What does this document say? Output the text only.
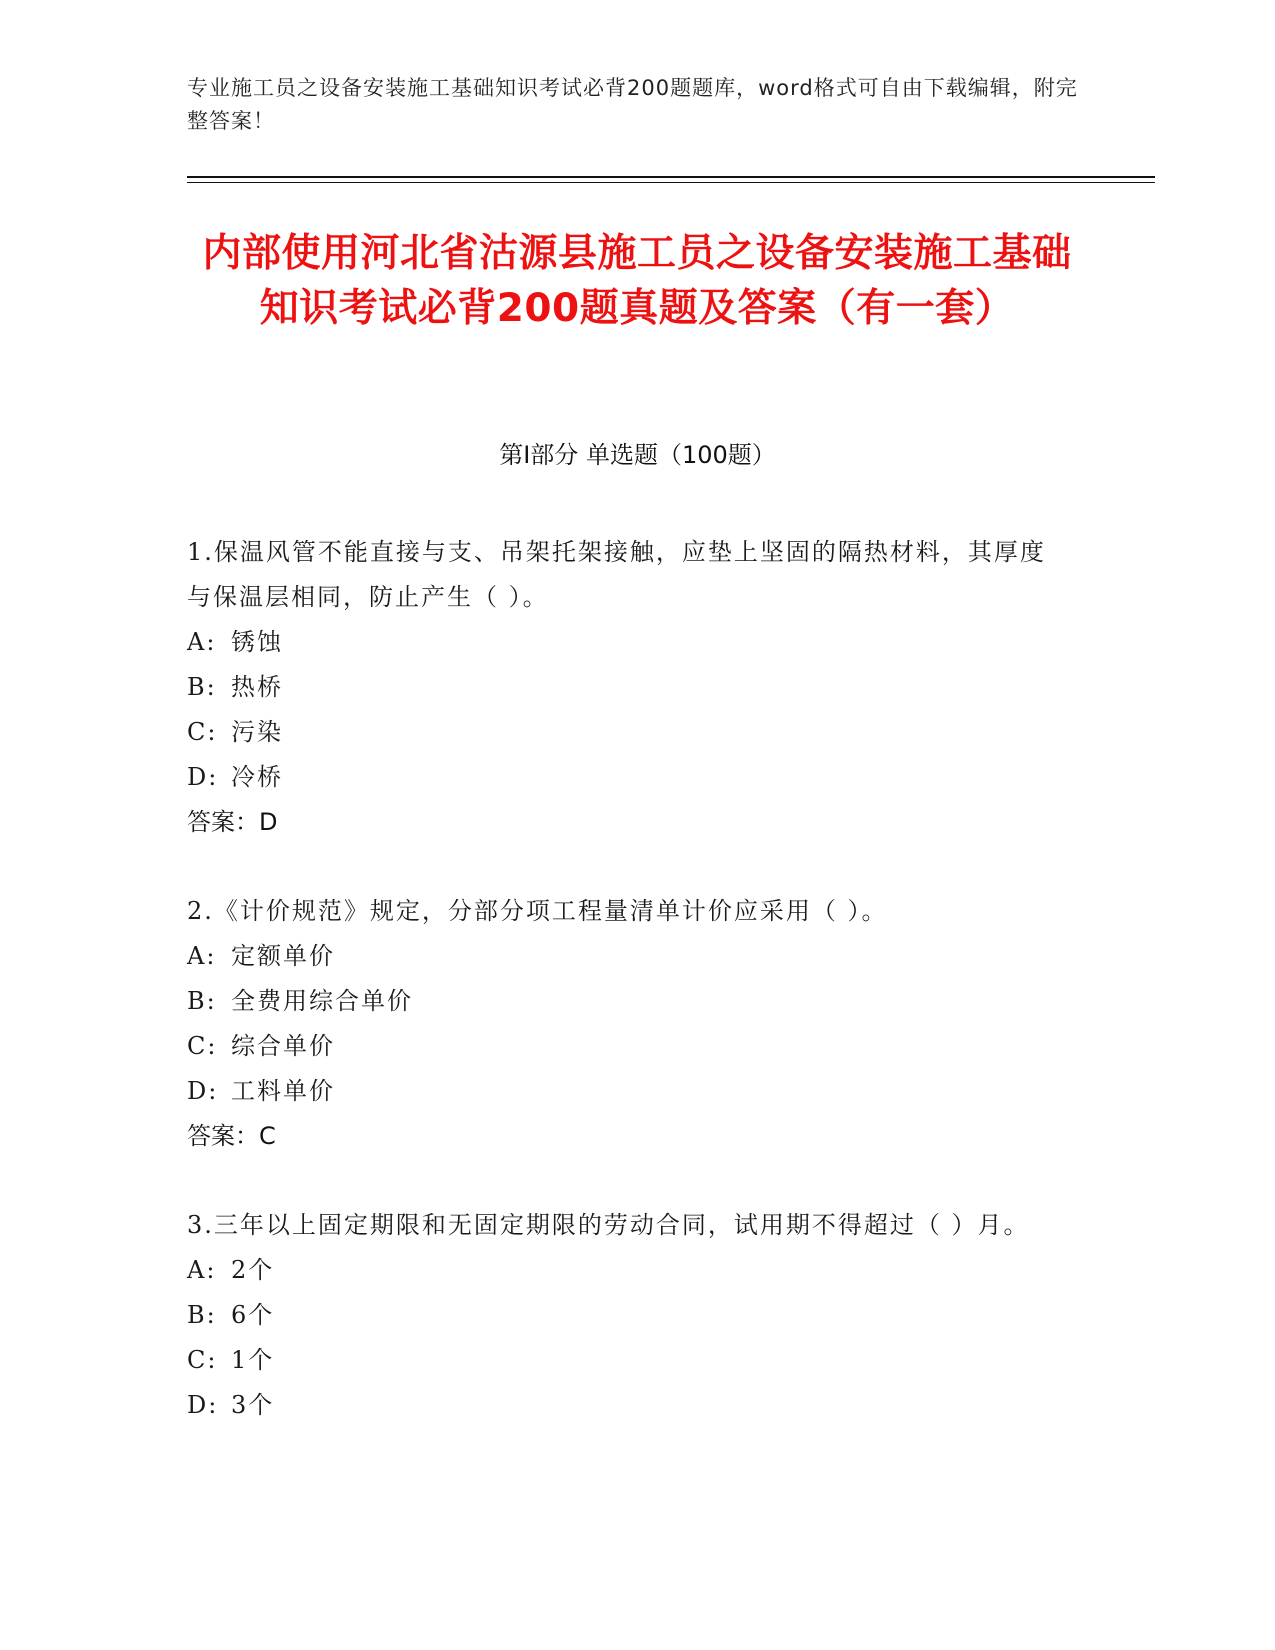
专业施工员之设备安装施工基础知识考试必背200题题库，word格式可自由下载编辑，附完整答案！
内部使用河北省沽源县施工员之设备安装施工基础知识考试必背200题真题及答案（有一套）
第Ⅰ部分 单选题（100题）
1.保温风管不能直接与支、吊架托架接触，应垫上坚固的隔热材料，其厚度与保温层相同，防止产生（ ）。
A: 锈蚀
B: 热桥
C: 污染
D: 冷桥
答案：D
2.《计价规范》规定，分部分项工程量清单计价应采用（ ）。
A: 定额单价
B: 全费用综合单价
C: 综合单价
D: 工料单价
答案：C
3.三年以上固定期限和无固定期限的劳动合同，试用期不得超过（ ）月。
A: 2个
B: 6个
C: 1个
D: 3个
